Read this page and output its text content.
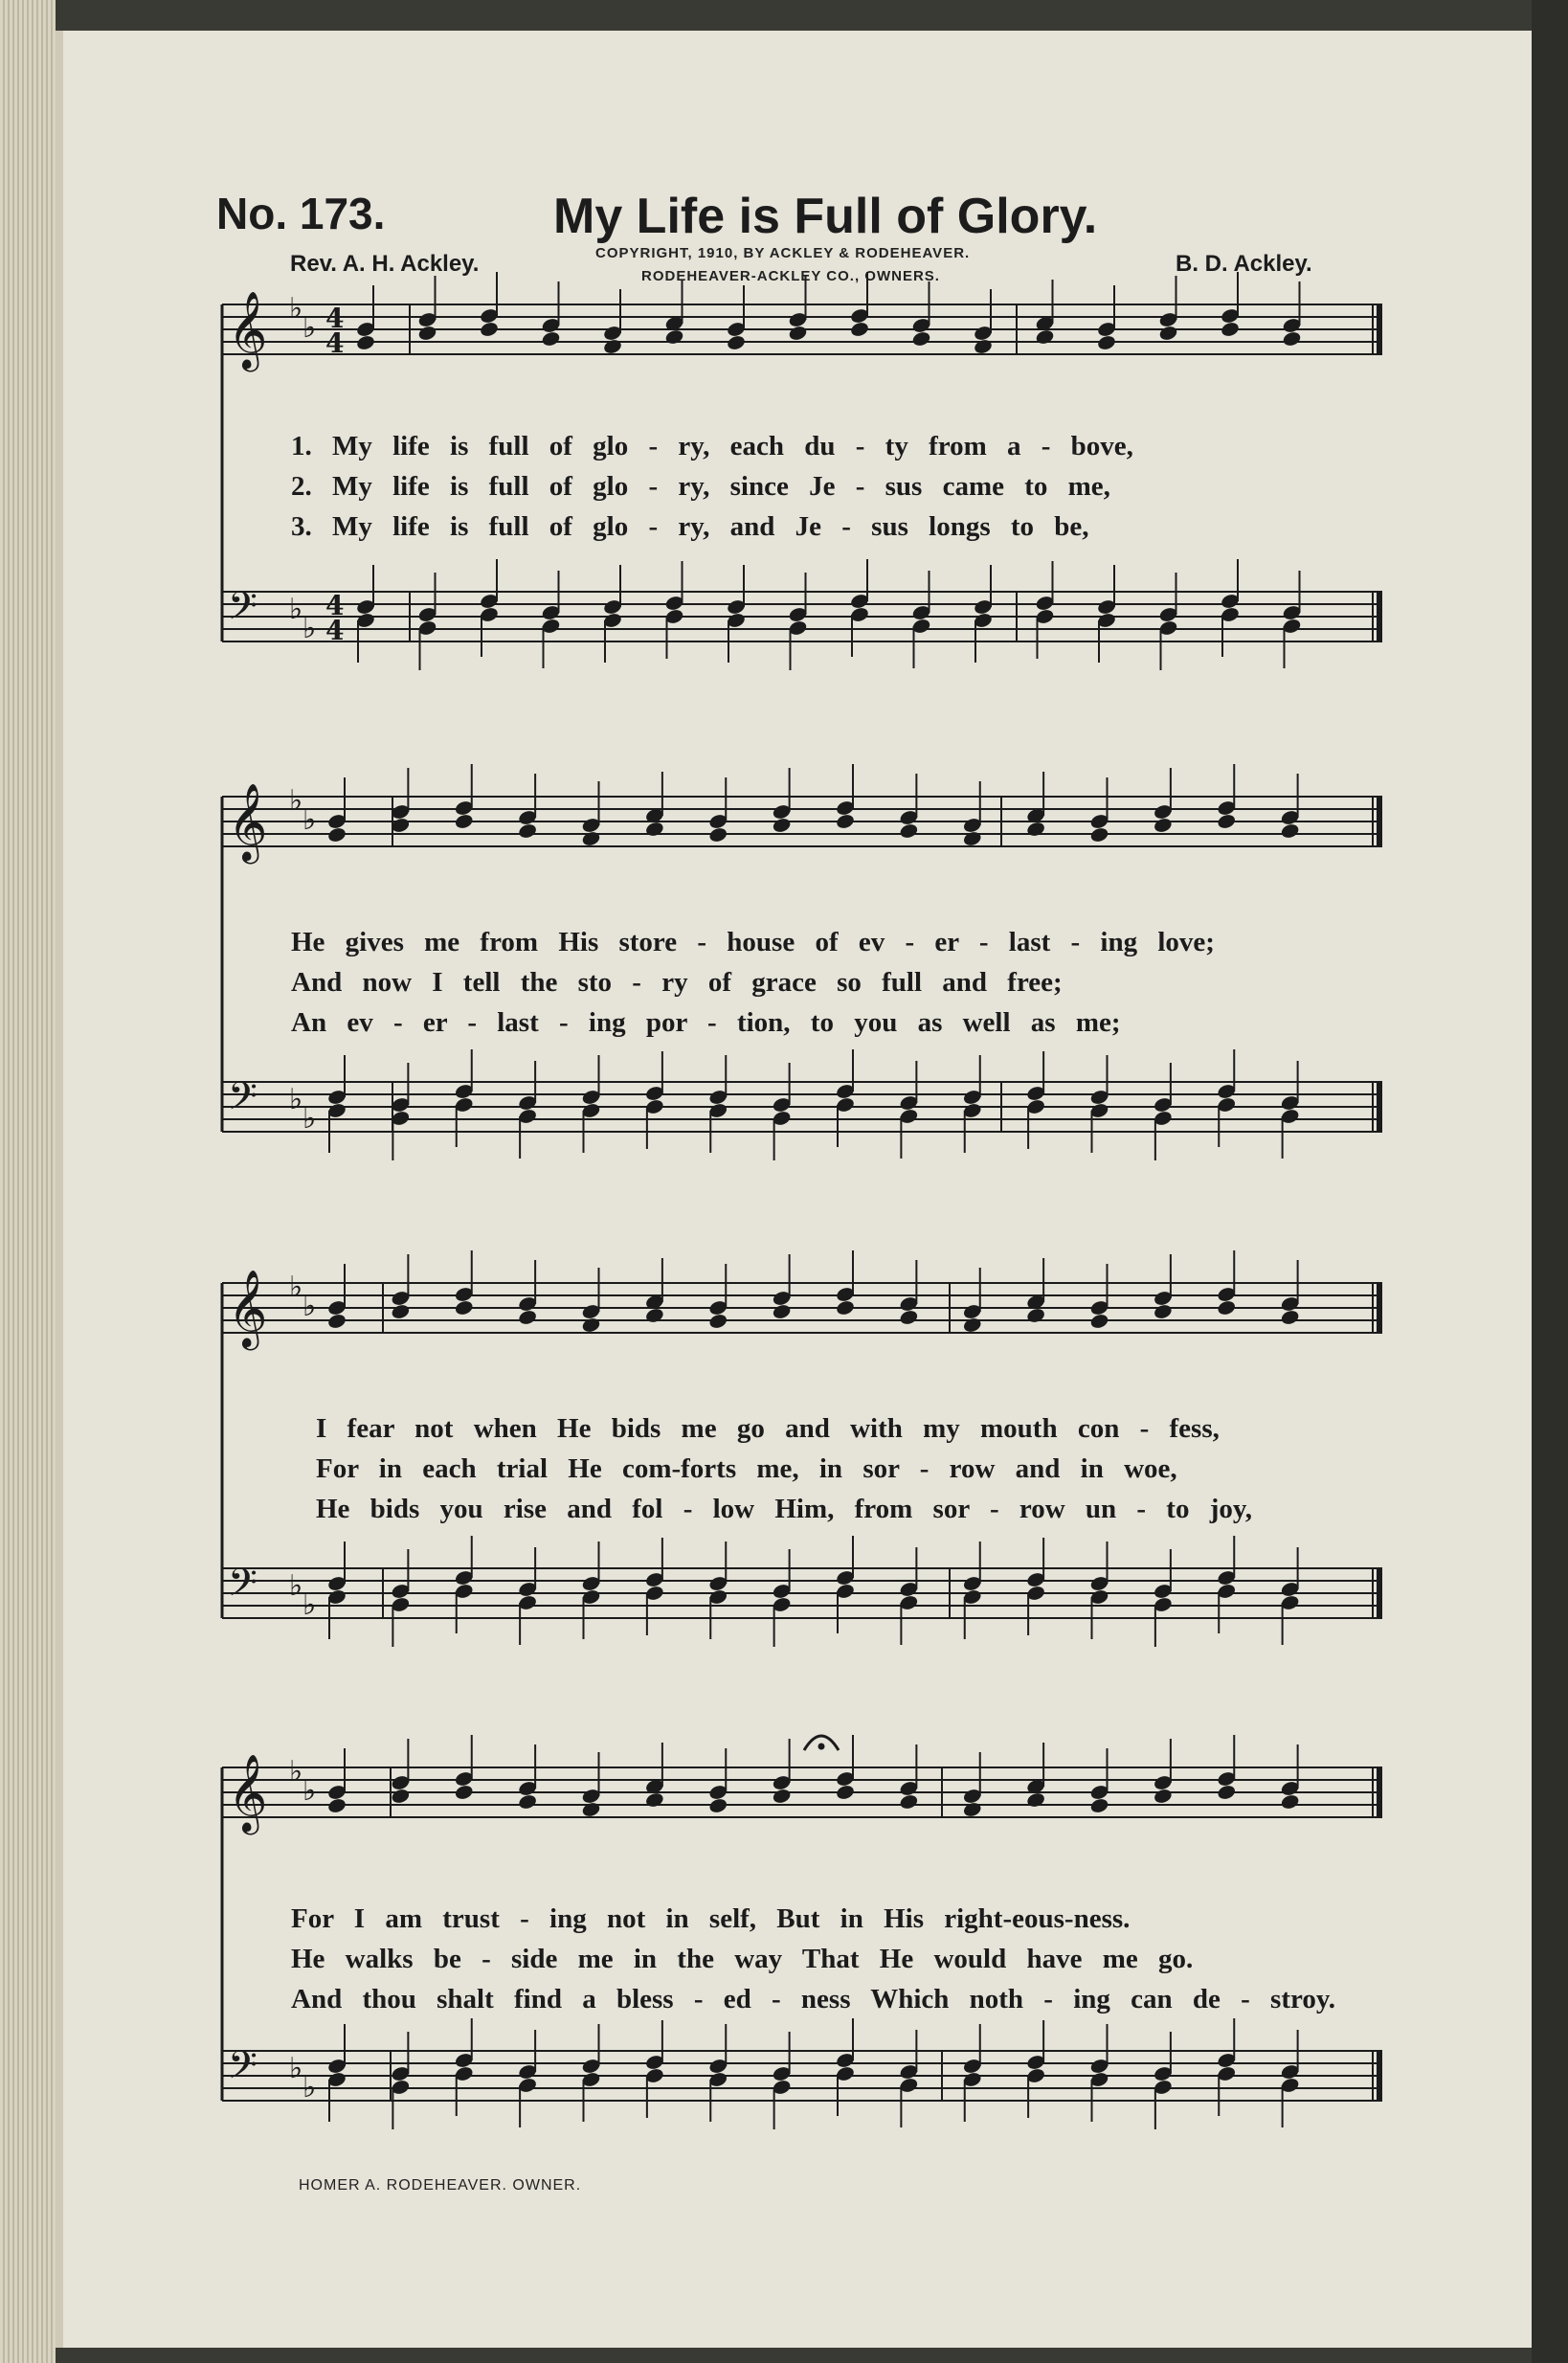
No. 173.	My Life is Full of Glory.
Rev. A. H. Ackley.	B. D. Ackley.
COPYRIGHT, 1910, BY ACKLEY & RODEHEAVER.
RODEHEAVER-ACKLEY CO., OWNERS.
♭
♭
𝄞
♭
♭
𝄢
4
4
4
4
♭
♭
𝄞
♭
♭
𝄢
♭
♭
𝄞
♭
♭
𝄢
♭
♭
𝄞
♭
♭
𝄢
1. My life is full of glo - ry, each du - ty from a - bove,
2. My life is full of glo - ry, since Je - sus came to me,
3. My life is full of glo - ry, and Je - sus longs to be,
He gives me from His store - house of ev - er - last - ing love;
And now I tell the sto - ry of grace so full and free;
An ev - er - last - ing por - tion, to you as well as me;
I fear not when He bids me go and with my mouth con - fess,
For in each trial He com-forts me, in sor - row and in woe,
He bids you rise and fol - low Him, from sor - row un - to joy,
For I am trust - ing not in self, But in His right-eous-ness.
He walks be - side me in the way That He would have me go.
And thou shalt find a bless - ed - ness Which noth - ing can de - stroy.
HOMER A. RODEHEAVER. OWNER.
